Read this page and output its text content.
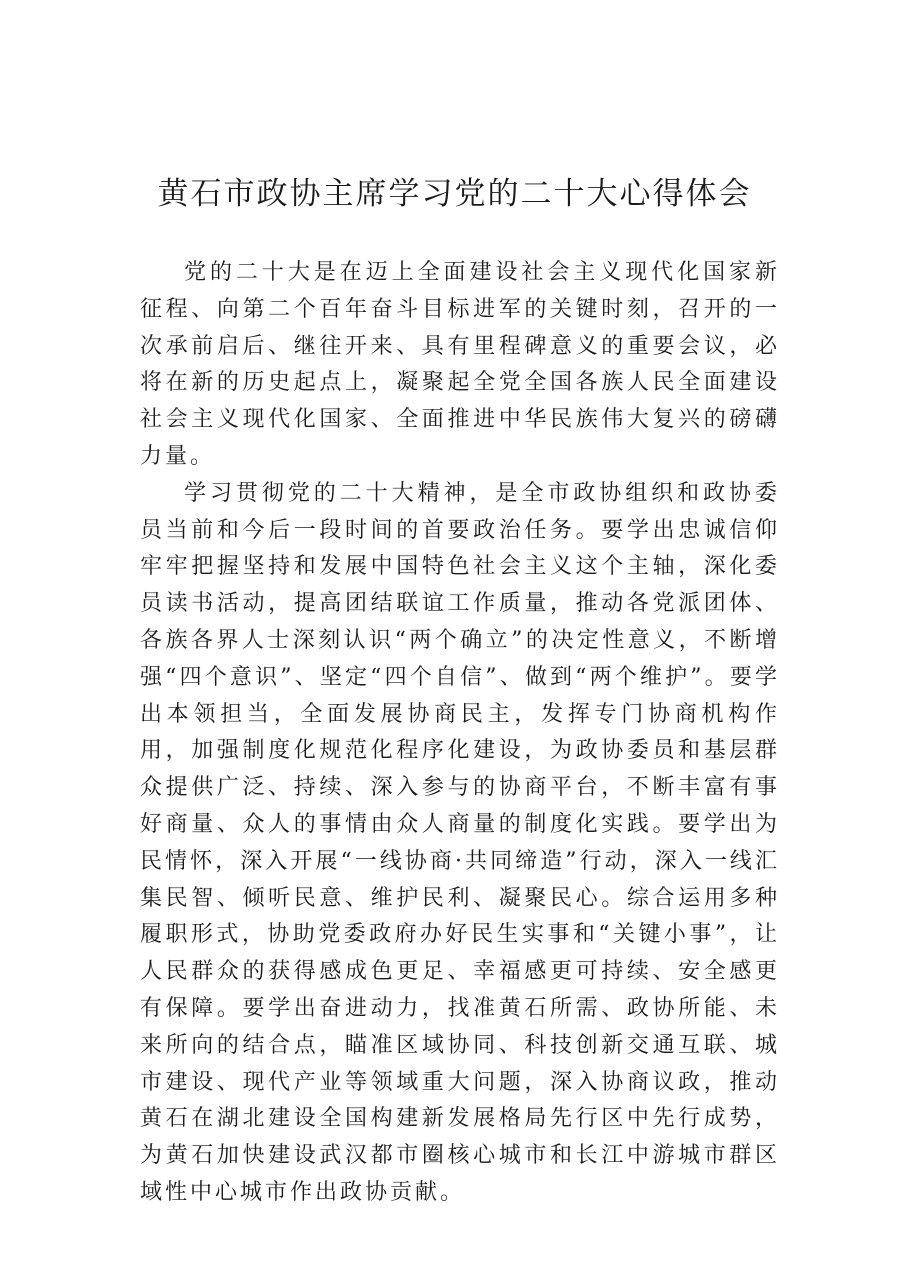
黄石市政协主席学习党的二十大心得体会

党的二十大是在迈上全面建设社会主义现代化国家新征程、向第二个百年奋斗目标进军的关键时刻，召开的一次承前启后、继往开来、具有里程碑意义的重要会议，必将在新的历史起点上，凝聚起全党全国各族人民全面建设社会主义现代化国家、全面推进中华民族伟大复兴的磅礴力量。

学习贯彻党的二十大精神，是全市政协组织和政协委员当前和今后一段时间的首要政治任务。要学出忠诚信仰牢牢把握坚持和发展中国特色社会主义这个主轴，深化委员读书活动，提高团结联谊工作质量，推动各党派团体、各族各界人士深刻认识“两个确立”的决定性意义，不断增强“四个意识”、坚定“四个自信”、做到“两个维护”。要学出本领担当，全面发展协商民主，发挥专门协商机构作用，加强制度化规范化程序化建设，为政协委员和基层群众提供广泛、持续、深入参与的协商平台，不断丰富有事好商量、众人的事情由众人商量的制度化实践。要学出为民情怀，深入开展“一线协商·共同缔造”行动，深入一线汇集民智、倾听民意、维护民利、凝聚民心。综合运用多种履职形式，协助党委政府办好民生实事和“关键小事”，让人民群众的获得感成色更足、幸福感更可持续、安全感更有保障。要学出奋进动力，找准黄石所需、政协所能、未来所向的结合点，瞄准区域协同、科技创新交通互联、城市建设、现代产业等领域重大问题，深入协商议政，推动黄石在湖北建设全国构建新发展格局先行区中先行成势，为黄石加快建设武汉都市圈核心城市和长江中游城市群区域性中心城市作出政协贡献。
